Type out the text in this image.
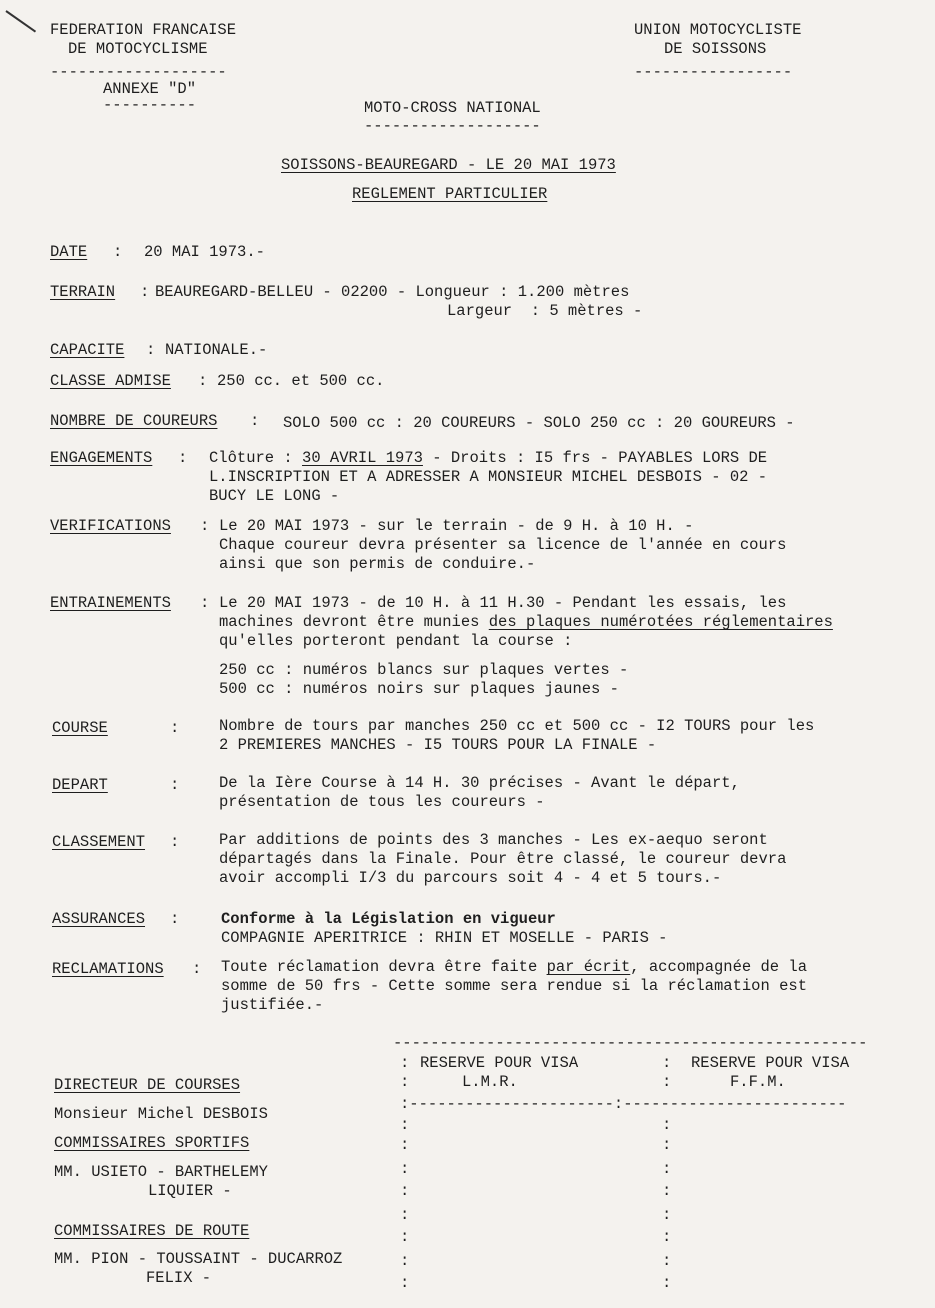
FEDERATION FRANCAISE
DE MOTOCYCLISME
-------------------
ANNEXE "D"
----------
UNION MOTOCYCLISTE
DE SOISSONS
-----------------
MOTO-CROSS NATIONAL
-------------------
SOISSONS-BEAUREGARD - LE 20 MAI 1973
REGLEMENT PARTICULIER
DATE : 20 MAI 1973.-
TERRAIN : BEAUREGARD-BELLEU - 02200 - Longueur : 1.200 mètres
Largeur  : 5 mètres -
CAPACITE : NATIONALE.-
CLASSE ADMISE : 250 cc. et 500 cc.
NOMBRE DE COUREURS : SOLO 500 cc : 20 COUREURS - SOLO 250 cc : 20 GOUREURS -
ENGAGEMENTS : Clôture : 30 AVRIL 1973 - Droits : I5 frs - PAYABLES LORS DE
L.INSCRIPTION ET A ADRESSER A MONSIEUR MICHEL DESBOIS - 02 -
BUCY LE LONG -
VERIFICATIONS : Le 20 MAI 1973 - sur le terrain - de 9 H. à 10 H. -
Chaque coureur devra présenter sa licence de l'année en cours
ainsi que son permis de conduire.-
ENTRAINEMENTS : Le 20 MAI 1973 - de 10 H. à 11 H.30 - Pendant les essais, les
machines devront être munies des plaques numérotées réglementaires
qu'elles porteront pendant la course :
250 cc : numéros blancs sur plaques vertes -
500 cc : numéros noirs sur plaques jaunes -
COURSE	:	Nombre de tours par manches 250 cc et 500 cc - I2 TOURS pour les
2 PREMIERES MANCHES - I5 TOURS POUR LA FINALE -
DEPART	:	De la Ière Course à 14 H. 30 précises - Avant le départ,
présentation de tous les coureurs -
CLASSEMENT :	Par additions de points des 3 manches - Les ex-aequo seront
départagés dans la Finale. Pour être classé, le coureur devra
avoir accompli I/3 du parcours soit 4 - 4 et 5 tours.-
ASSURANCES :	Conforme à la Législation en vigueur
COMPAGNIE APERITRICE : RHIN ET MOSELLE - PARIS -
RECLAMATIONS : Toute réclamation devra être faite par écrit, accompagnée de la
somme de 50 frs - Cette somme sera rendue si la réclamation est
justifiée.-
DIRECTEUR DE COURSES
Monsieur Michel DESBOIS
COMMISSAIRES SPORTIFS
MM. USIETO - BARTHELEMY
LIQUIER -
COMMISSAIRES DE ROUTE
MM. PION - TOUSSAINT - DUCARROZ
FELIX -
---------------------------------------------------
: RESERVE POUR VISA	: RESERVE POUR VISA
:	L.M.R.	:	F.F.M.
:----------------------:------------------------
:	:
:	:
:	:
:	:
:	:
:	:
:	:
:	:
